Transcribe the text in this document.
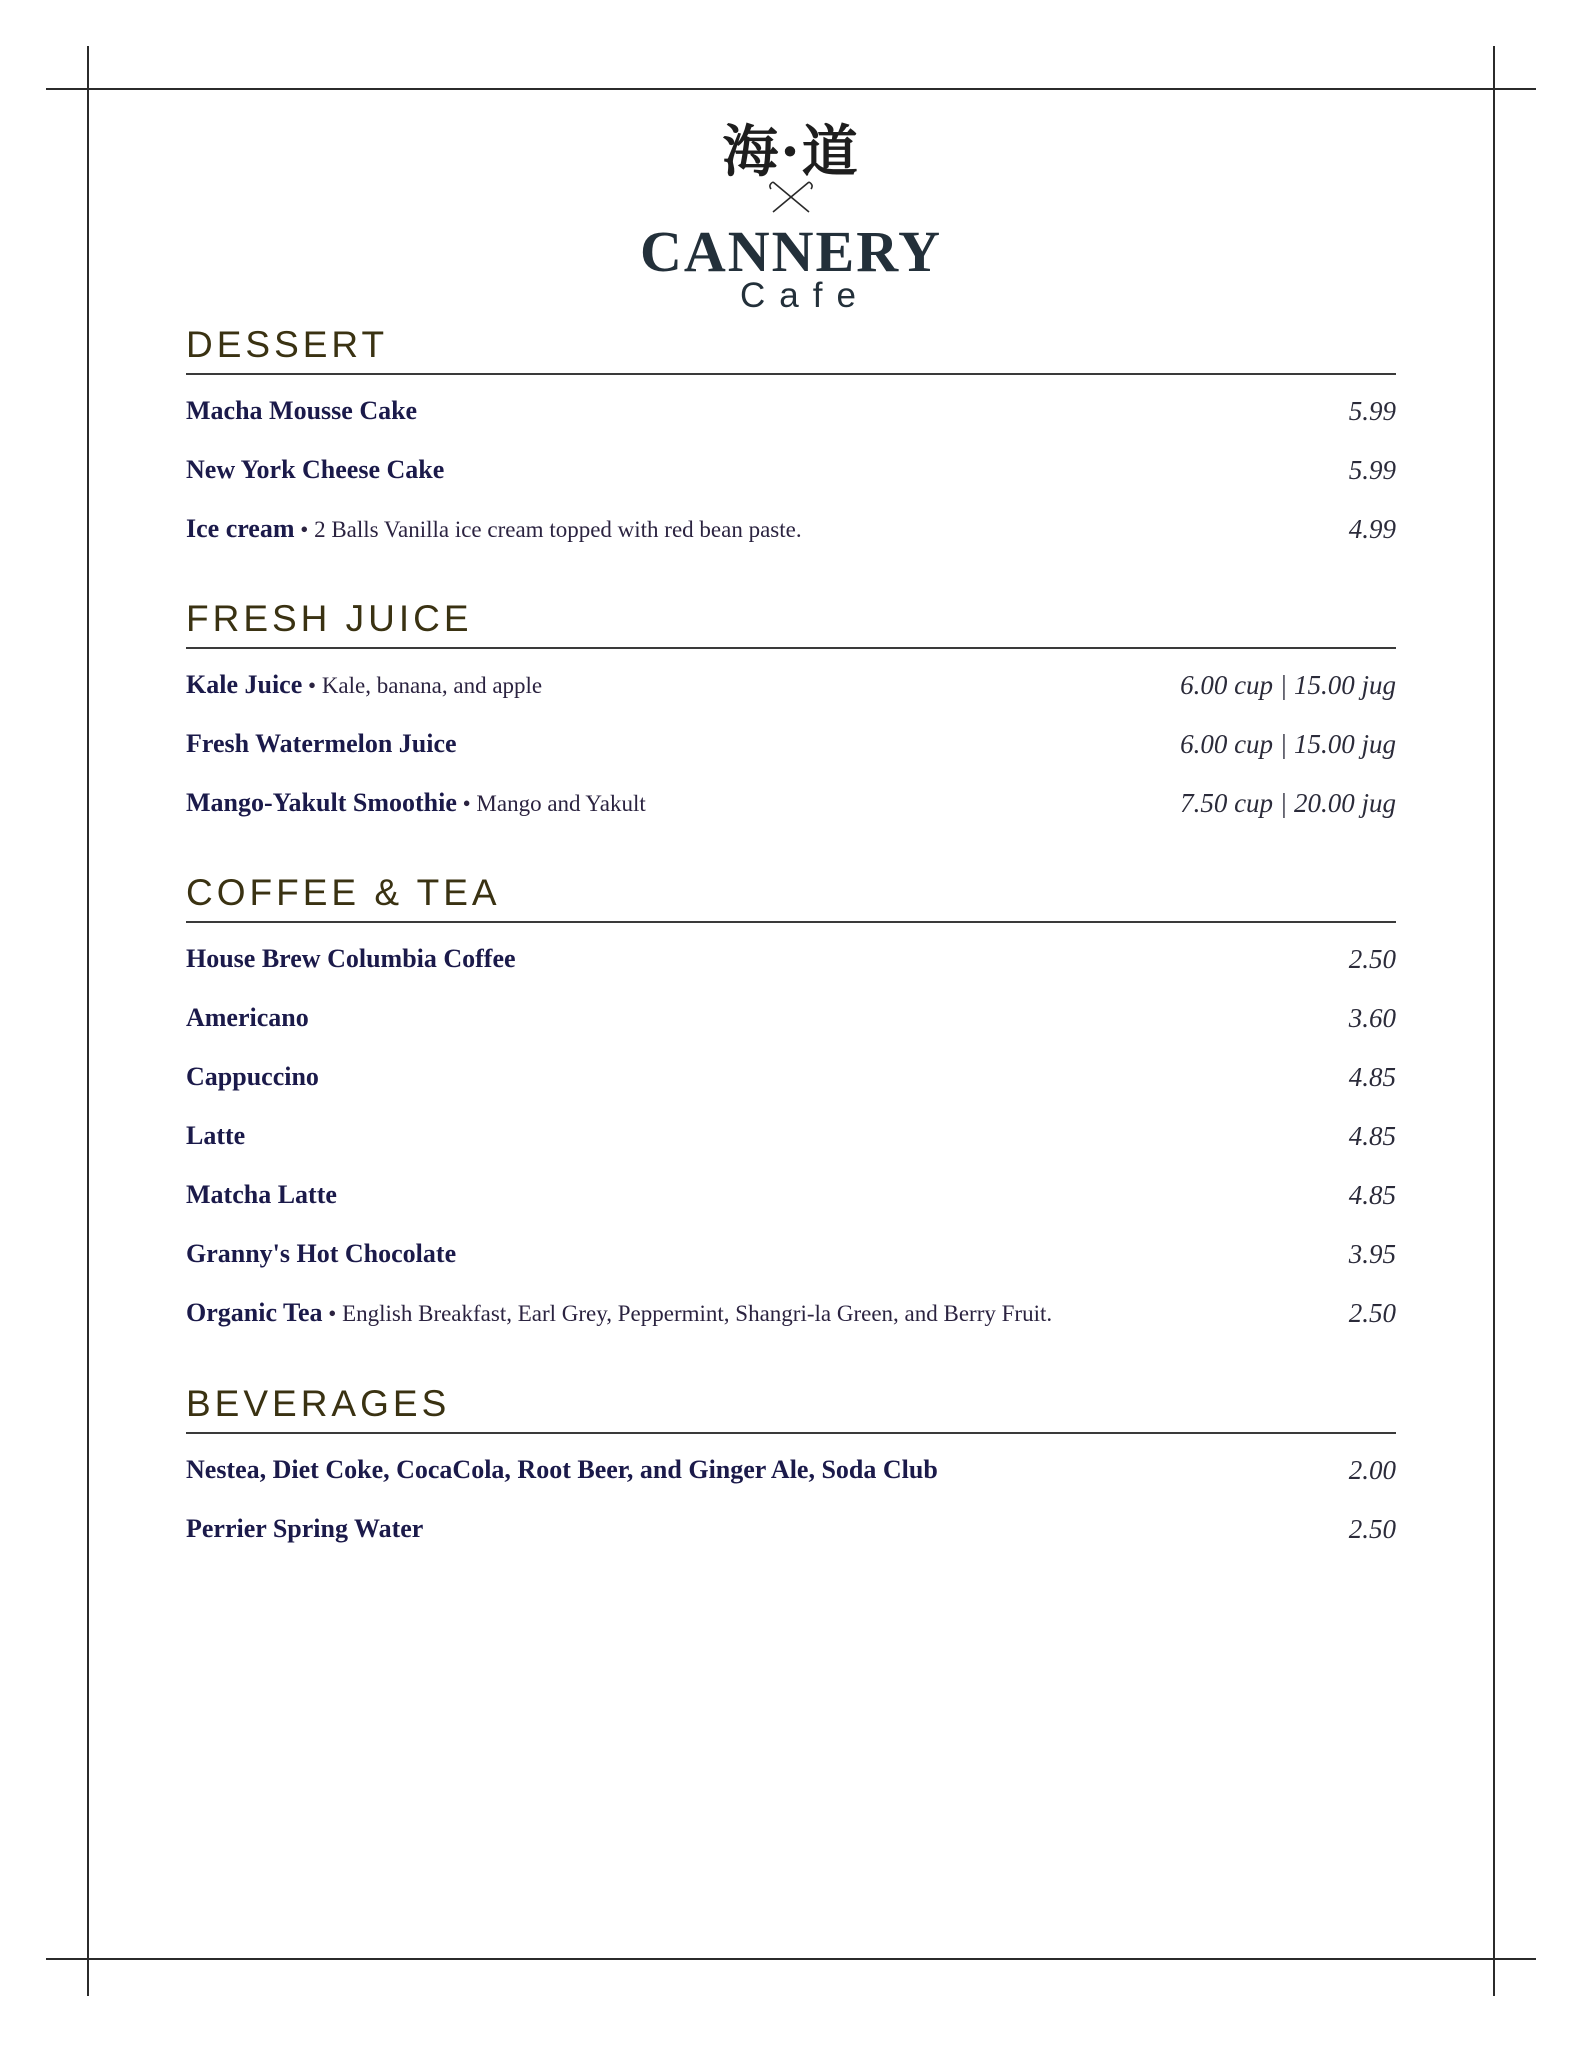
海·道
CANNERY
Cafe
DESSERT
Macha Mousse Cake	5.99
New York Cheese Cake	5.99
Ice cream • 2 Balls Vanilla ice cream topped with red bean paste.	4.99
FRESH JUICE
Kale Juice • Kale, banana, and apple	6.00 cup | 15.00 jug
Fresh Watermelon Juice	6.00 cup | 15.00 jug
Mango-Yakult Smoothie • Mango and Yakult	7.50 cup | 20.00 jug
COFFEE & TEA
House Brew Columbia Coffee	2.50
Americano	3.60
Cappuccino	4.85
Latte	4.85
Matcha Latte	4.85
Granny's Hot Chocolate	3.95
Organic Tea • English Breakfast, Earl Grey, Peppermint, Shangri-la Green, and Berry Fruit.	2.50
BEVERAGES
Nestea, Diet Coke, CocaCola, Root Beer, and Ginger Ale, Soda Club	2.00
Perrier Spring Water	2.50
